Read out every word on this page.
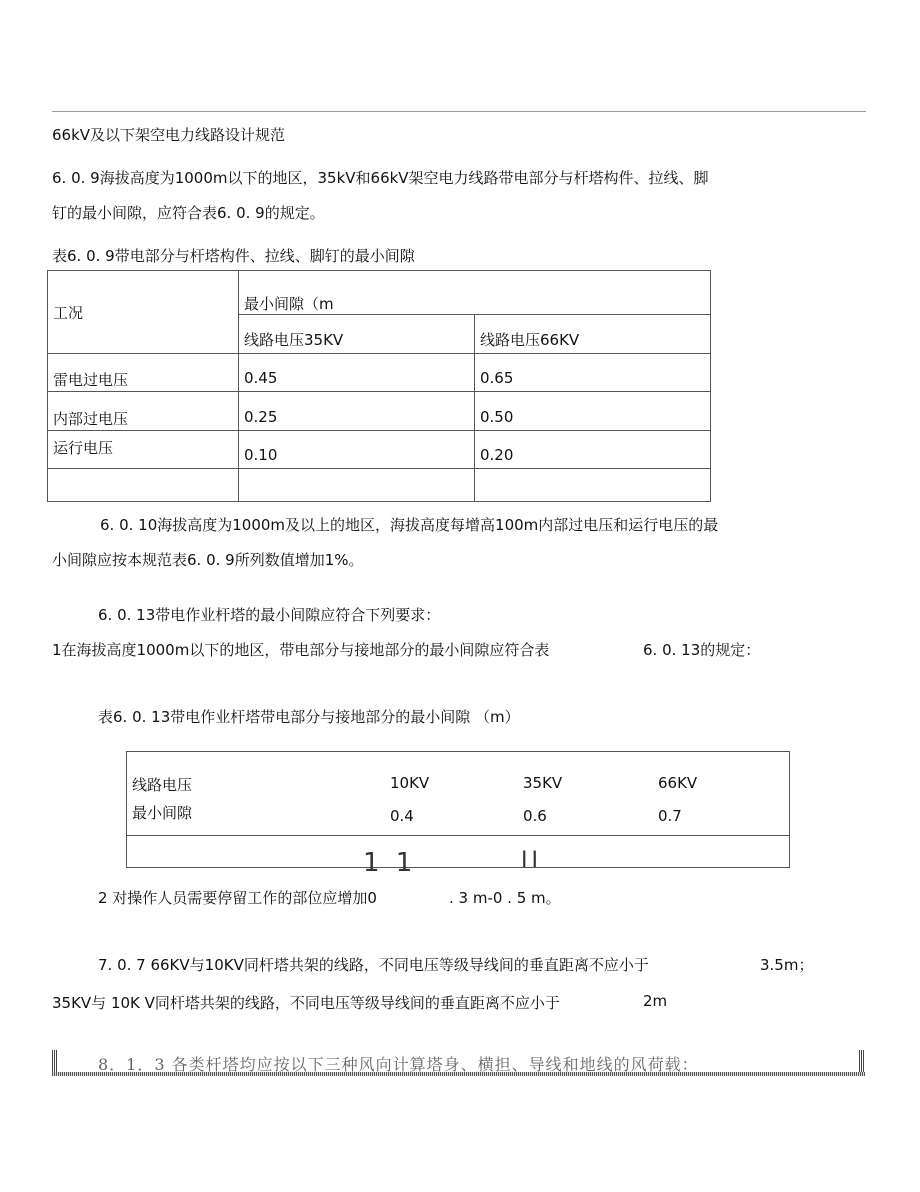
66kV及以下架空电力线路设计规范
6. 0. 9海拔高度为1000m以下的地区，35kV和66kV架空电力线路带电部分与杆塔构件、拉线、脚
钉的最小间隙，应符合表6. 0. 9的规定。
表6. 0. 9带电部分与杆塔构件、拉线、脚钉的最小间隙
工况	最小间隙（m	
	线路电压35KV	线路电压66KV
雷电过电压	0.45	0.65
内部过电压	0.25	0.50
运行电压	0.10	0.20

6. 0. 10海拔高度为1000m及以上的地区，海拔高度每增高100m内部过电压和运行电压的最
小间隙应按本规范表6. 0. 9所列数值增加1%。
6. 0. 13带电作业杆塔的最小间隙应符合下列要求：
1在海拔高度1000m以下的地区，带电部分与接地部分的最小间隙应符合表	6. 0. 13的规定：
表6. 0. 13带电作业杆塔带电部分与接地部分的最小间隙 （m）
线路电压	10KV	35KV	66KV
最小间隙	0.4	0.6	0.7
1 1	II
2 对操作人员需要停留工作的部位应增加0	. 3 m-0 . 5 m。
7. 0. 7 66KV与10KV同杆塔共架的线路，不同电压等级导线间的垂直距离不应小于	3.5m；
35KV与 10K V同杆塔共架的线路，不同电压等级导线间的垂直距离不应小于	2m
8．1．3 各类杆塔均应按以下三种风向计算塔身、横担、导线和地线的风荷载：
